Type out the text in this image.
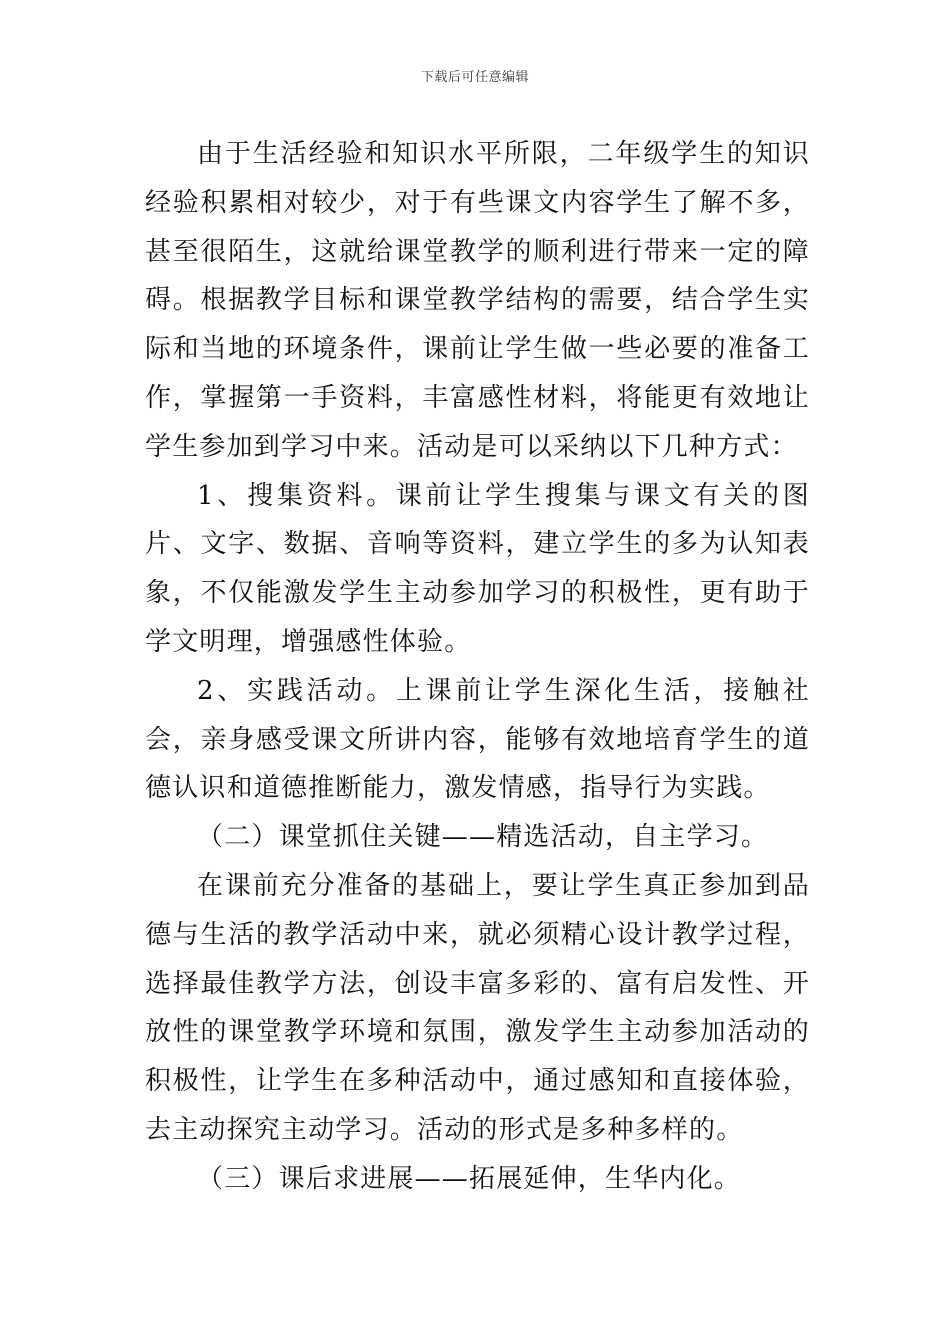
下载后可任意编辑

由于生活经验和知识水平所限，二年级学生的知识经验积累相对较少，对于有些课文内容学生了解不多，甚至很陌生，这就给课堂教学的顺利进行带来一定的障碍。根据教学目标和课堂教学结构的需要，结合学生实际和当地的环境条件，课前让学生做一些必要的准备工作，掌握第一手资料，丰富感性材料，将能更有效地让学生参加到学习中来。活动是可以采纳以下几种方式：

1、搜集资料。课前让学生搜集与课文有关的图片、文字、数据、音响等资料，建立学生的多为认知表象，不仅能激发学生主动参加学习的积极性，更有助于学文明理，增强感性体验。

2、实践活动。上课前让学生深化生活，接触社会，亲身感受课文所讲内容，能够有效地培育学生的道德认识和道德推断能力，激发情感，指导行为实践。

（二）课堂抓住关键——精选活动，自主学习。

在课前充分准备的基础上，要让学生真正参加到品德与生活的教学活动中来，就必须精心设计教学过程，选择最佳教学方法，创设丰富多彩的、富有启发性、开放性的课堂教学环境和氛围，激发学生主动参加活动的积极性，让学生在多种活动中，通过感知和直接体验，去主动探究主动学习。活动的形式是多种多样的。

（三）课后求进展——拓展延伸，生华内化。
